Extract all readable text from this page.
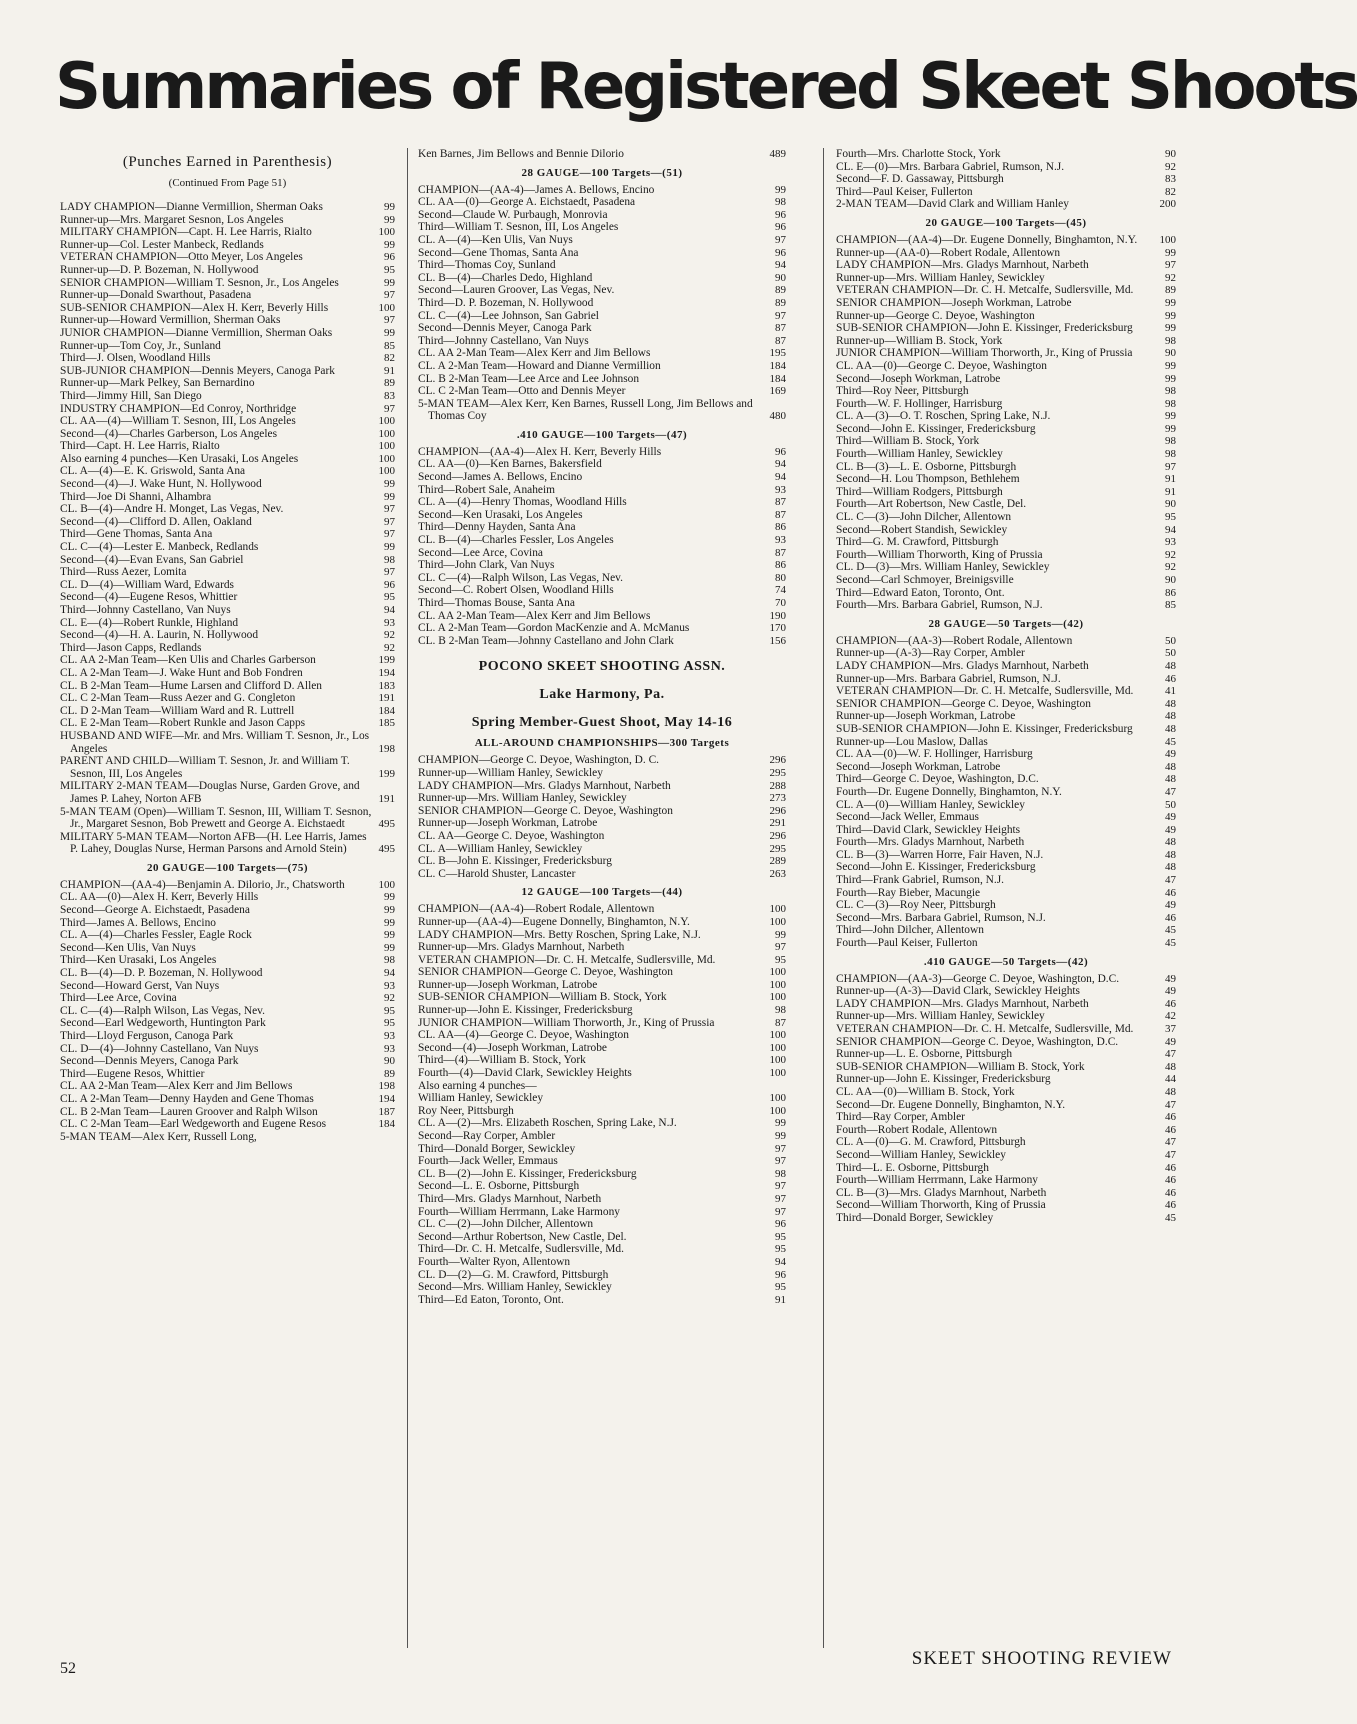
Summaries of Registered Skeet Shoots
(Punches Earned in Parenthesis)
(Continued From Page 51)
LADY CHAMPION—Dianne Vermillion, Sherman Oaks	99
Runner-up—Mrs. Margaret Sesnon, Los Angeles	99
MILITARY CHAMPION—Capt. H. Lee Harris, Rialto	100
Runner-up—Col. Lester Manbeck, Redlands	99
VETERAN CHAMPION—Otto Meyer, Los Angeles	96
Runner-up—D. P. Bozeman, N. Hollywood	95
SENIOR CHAMPION—William T. Sesnon, Jr., Los Angeles	99
Runner-up—Donald Swarthout, Pasadena	97
SUB-SENIOR CHAMPION—Alex H. Kerr, Beverly Hills	100
Runner-up—Howard Vermillion, Sherman Oaks	97
JUNIOR CHAMPION—Dianne Vermillion, Sherman Oaks	99
Runner-up—Tom Coy, Jr., Sunland	85
Third—J. Olsen, Woodland Hills	82
SUB-JUNIOR CHAMPION—Dennis Meyers, Canoga Park	91
Runner-up—Mark Pelkey, San Bernardino	89
Third—Jimmy Hill, San Diego	83
INDUSTRY CHAMPION—Ed Conroy, Northridge	97
CL. AA—(4)—William T. Sesnon, III, Los Angeles	100
Second—(4)—Charles Garberson, Los Angeles	100
Third—Capt. H. Lee Harris, Rialto	100
Also earning 4 punches—Ken Urasaki, Los Angeles	100
CL. A—(4)—E. K. Griswold, Santa Ana	100
Second—(4)—J. Wake Hunt, N. Hollywood	99
Third—Joe Di Shanni, Alhambra	99
CL. B—(4)—Andre H. Monget, Las Vegas, Nev.	97
Second—(4)—Clifford D. Allen, Oakland	97
Third—Gene Thomas, Santa Ana	97
CL. C—(4)—Lester E. Manbeck, Redlands	99
Second—(4)—Evan Evans, San Gabriel	98
Third—Russ Aezer, Lomita	97
CL. D—(4)—William Ward, Edwards	96
Second—(4)—Eugene Resos, Whittier	95
Third—Johnny Castellano, Van Nuys	94
CL. E—(4)—Robert Runkle, Highland	93
Second—(4)—H. A. Laurin, N. Hollywood	92
Third—Jason Capps, Redlands	92
CL. AA 2-Man Team—Ken Ulis and Charles Garberson	199
CL. A 2-Man Team—J. Wake Hunt and Bob Fondren	194
CL. B 2-Man Team—Hume Larsen and Clifford D. Allen	183
CL. C 2-Man Team—Russ Aezer and G. Congleton	191
CL. D 2-Man Team—William Ward and R. Luttrell	184
CL. E 2-Man Team—Robert Runkle and Jason Capps	185
HUSBAND AND WIFE—Mr. and Mrs. William T. Sesnon, Jr., Los Angeles	198
PARENT AND CHILD—William T. Sesnon, Jr. and William T. Sesnon, III, Los Angeles	199
MILITARY 2-MAN TEAM—Douglas Nurse, Garden Grove, and James P. Lahey, Norton AFB	191
5-MAN TEAM (Open)—William T. Sesnon, III, William T. Sesnon, Jr., Margaret Sesnon, Bob Prewett and George A. Eichstaedt	495
MILITARY 5-MAN TEAM—Norton AFB—(H. Lee Harris, James P. Lahey, Douglas Nurse, Herman Parsons and Arnold Stein)	495
20 GAUGE—100 Targets—(75)
CHAMPION—(AA-4)—Benjamin A. Dilorio, Jr., Chatsworth	100
CL. AA—(0)—Alex H. Kerr, Beverly Hills	99
Second—George A. Eichstaedt, Pasadena	99
Third—James A. Bellows, Encino	99
CL. A—(4)—Charles Fessler, Eagle Rock	99
Second—Ken Ulis, Van Nuys	99
Third—Ken Urasaki, Los Angeles	98
CL. B—(4)—D. P. Bozeman, N. Hollywood	94
Second—Howard Gerst, Van Nuys	93
Third—Lee Arce, Covina	92
CL. C—(4)—Ralph Wilson, Las Vegas, Nev.	95
Second—Earl Wedgeworth, Huntington Park	95
Third—Lloyd Ferguson, Canoga Park	93
CL. D—(4)—Johnny Castellano, Van Nuys	93
Second—Dennis Meyers, Canoga Park	90
Third—Eugene Resos, Whittier	89
CL. AA 2-Man Team—Alex Kerr and Jim Bellows	198
CL. A 2-Man Team—Denny Hayden and Gene Thomas	194
CL. B 2-Man Team—Lauren Groover and Ralph Wilson	187
CL. C 2-Man Team—Earl Wedgeworth and Eugene Resos	184
5-MAN TEAM—Alex Kerr, Russell Long,
Ken Barnes, Jim Bellows and Bennie Dilorio	489
28 GAUGE—100 Targets—(51)
CHAMPION—(AA-4)—James A. Bellows, Encino	99
CL. AA—(0)—George A. Eichstaedt, Pasadena	98
Second—Claude W. Purbaugh, Monrovia	96
Third—William T. Sesnon, III, Los Angeles	96
CL. A—(4)—Ken Ulis, Van Nuys	97
Second—Gene Thomas, Santa Ana	96
Third—Thomas Coy, Sunland	94
CL. B—(4)—Charles Dedo, Highland	90
Second—Lauren Groover, Las Vegas, Nev.	89
Third—D. P. Bozeman, N. Hollywood	89
CL. C—(4)—Lee Johnson, San Gabriel	97
Second—Dennis Meyer, Canoga Park	87
Third—Johnny Castellano, Van Nuys	87
CL. AA 2-Man Team—Alex Kerr and Jim Bellows	195
CL. A 2-Man Team—Howard and Dianne Vermillion	184
CL. B 2-Man Team—Lee Arce and Lee Johnson	184
CL. C 2-Man Team—Otto and Dennis Meyer	169
5-MAN TEAM—Alex Kerr, Ken Barnes, Russell Long, Jim Bellows and Thomas Coy	480
.410 GAUGE—100 Targets—(47)
CHAMPION—(AA-4)—Alex H. Kerr, Beverly Hills	96
CL. AA—(0)—Ken Barnes, Bakersfield	94
Second—James A. Bellows, Encino	94
Third—Robert Sale, Anaheim	93
CL. A—(4)—Henry Thomas, Woodland Hills	87
Second—Ken Urasaki, Los Angeles	87
Third—Denny Hayden, Santa Ana	86
CL. B—(4)—Charles Fessler, Los Angeles	93
Second—Lee Arce, Covina	87
Third—John Clark, Van Nuys	86
CL. C—(4)—Ralph Wilson, Las Vegas, Nev.	80
Second—C. Robert Olsen, Woodland Hills	74
Third—Thomas Bouse, Santa Ana	70
CL. AA 2-Man Team—Alex Kerr and Jim Bellows	190
CL. A 2-Man Team—Gordon MacKenzie and A. McManus	170
CL. B 2-Man Team—Johnny Castellano and John Clark	156
POCONO SKEET SHOOTING ASSN.
Lake Harmony, Pa.
Spring Member-Guest Shoot, May 14-16
ALL-AROUND CHAMPIONSHIPS—300 Targets
CHAMPION—George C. Deyoe, Washington, D. C.	296
Runner-up—William Hanley, Sewickley	295
LADY CHAMPION—Mrs. Gladys Marnhout, Narbeth	288
Runner-up—Mrs. William Hanley, Sewickley	273
SENIOR CHAMPION—George C. Deyoe, Washington	296
Runner-up—Joseph Workman, Latrobe	291
CL. AA—George C. Deyoe, Washington	296
CL. A—William Hanley, Sewickley	295
CL. B—John E. Kissinger, Fredericksburg	289
CL. C—Harold Shuster, Lancaster	263
12 GAUGE—100 Targets—(44)
CHAMPION—(AA-4)—Robert Rodale, Allentown	100
Runner-up—(AA-4)—Eugene Donnelly, Binghamton, N.Y.	100
LADY CHAMPION—Mrs. Betty Roschen, Spring Lake, N.J.	99
Runner-up—Mrs. Gladys Marnhout, Narbeth	97
VETERAN CHAMPION—Dr. C. H. Metcalfe, Sudlersville, Md.	95
SENIOR CHAMPION—George C. Deyoe, Washington	100
Runner-up—Joseph Workman, Latrobe	100
SUB-SENIOR CHAMPION—William B. Stock, York	100
Runner-up—John E. Kissinger, Fredericksburg	98
JUNIOR CHAMPION—William Thorworth, Jr., King of Prussia	87
CL. AA—(4)—George C. Deyoe, Washington	100
Second—(4)—Joseph Workman, Latrobe	100
Third—(4)—William B. Stock, York	100
Fourth—(4)—David Clark, Sewickley Heights	100
Also earning 4 punches—
William Hanley, Sewickley	100
Roy Neer, Pittsburgh	100
CL. A—(2)—Mrs. Elizabeth Roschen, Spring Lake, N.J.	99
Second—Ray Corper, Ambler	99
Third—Donald Borger, Sewickley	97
Fourth—Jack Weller, Emmaus	97
CL. B—(2)—John E. Kissinger, Fredericksburg	98
Second—L. E. Osborne, Pittsburgh	97
Third—Mrs. Gladys Marnhout, Narbeth	97
Fourth—William Herrmann, Lake Harmony	97
CL. C—(2)—John Dilcher, Allentown	96
Second—Arthur Robertson, New Castle, Del.	95
Third—Dr. C. H. Metcalfe, Sudlersville, Md.	95
Fourth—Walter Ryon, Allentown	94
CL. D—(2)—G. M. Crawford, Pittsburgh	96
Second—Mrs. William Hanley, Sewickley	95
Third—Ed Eaton, Toronto, Ont.	91
Fourth—Mrs. Charlotte Stock, York	90
CL. E—(0)—Mrs. Barbara Gabriel, Rumson, N.J.	92
Second—F. D. Gassaway, Pittsburgh	83
Third—Paul Keiser, Fullerton	82
2-MAN TEAM—David Clark and William Hanley	200
20 GAUGE—100 Targets—(45)
CHAMPION—(AA-4)—Dr. Eugene Donnelly, Binghamton, N.Y.	100
Runner-up—(AA-0)—Robert Rodale, Allentown	99
LADY CHAMPION—Mrs. Gladys Marnhout, Narbeth	97
Runner-up—Mrs. William Hanley, Sewickley	92
VETERAN CHAMPION—Dr. C. H. Metcalfe, Sudlersville, Md.	89
SENIOR CHAMPION—Joseph Workman, Latrobe	99
Runner-up—George C. Deyoe, Washington	99
SUB-SENIOR CHAMPION—John E. Kissinger, Fredericksburg	99
Runner-up—William B. Stock, York	98
JUNIOR CHAMPION—William Thorworth, Jr., King of Prussia	90
CL. AA—(0)—George C. Deyoe, Washington	99
Second—Joseph Workman, Latrobe	99
Third—Roy Neer, Pittsburgh	98
Fourth—W. F. Hollinger, Harrisburg	98
CL. A—(3)—O. T. Roschen, Spring Lake, N.J.	99
Second—John E. Kissinger, Fredericksburg	99
Third—William B. Stock, York	98
Fourth—William Hanley, Sewickley	98
CL. B—(3)—L. E. Osborne, Pittsburgh	97
Second—H. Lou Thompson, Bethlehem	91
Third—William Rodgers, Pittsburgh	91
Fourth—Art Robertson, New Castle, Del.	90
CL. C—(3)—John Dilcher, Allentown	95
Second—Robert Standish, Sewickley	94
Third—G. M. Crawford, Pittsburgh	93
Fourth—William Thorworth, King of Prussia	92
CL. D—(3)—Mrs. William Hanley, Sewickley	92
Second—Carl Schmoyer, Breinigsville	90
Third—Edward Eaton, Toronto, Ont.	86
Fourth—Mrs. Barbara Gabriel, Rumson, N.J.	85
28 GAUGE—50 Targets—(42)
CHAMPION—(AA-3)—Robert Rodale, Allentown	50
Runner-up—(A-3)—Ray Corper, Ambler	50
LADY CHAMPION—Mrs. Gladys Marnhout, Narbeth	48
Runner-up—Mrs. Barbara Gabriel, Rumson, N.J.	46
VETERAN CHAMPION—Dr. C. H. Metcalfe, Sudlersville, Md.	41
SENIOR CHAMPION—George C. Deyoe, Washington	48
Runner-up—Joseph Workman, Latrobe	48
SUB-SENIOR CHAMPION—John E. Kissinger, Fredericksburg	48
Runner-up—Lou Maslow, Dallas	45
CL. AA—(0)—W. F. Hollinger, Harrisburg	49
Second—Joseph Workman, Latrobe	48
Third—George C. Deyoe, Washington, D.C.	48
Fourth—Dr. Eugene Donnelly, Binghamton, N.Y.	47
CL. A—(0)—William Hanley, Sewickley	50
Second—Jack Weller, Emmaus	49
Third—David Clark, Sewickley Heights	49
Fourth—Mrs. Gladys Marnhout, Narbeth	48
CL. B—(3)—Warren Horre, Fair Haven, N.J.	48
Second—John E. Kissinger, Fredericksburg	48
Third—Frank Gabriel, Rumson, N.J.	47
Fourth—Ray Bieber, Macungie	46
CL. C—(3)—Roy Neer, Pittsburgh	49
Second—Mrs. Barbara Gabriel, Rumson, N.J.	46
Third—John Dilcher, Allentown	45
Fourth—Paul Keiser, Fullerton	45
.410 GAUGE—50 Targets—(42)
CHAMPION—(AA-3)—George C. Deyoe, Washington, D.C.	49
Runner-up—(A-3)—David Clark, Sewickley Heights	49
LADY CHAMPION—Mrs. Gladys Marnhout, Narbeth	46
Runner-up—Mrs. William Hanley, Sewickley	42
VETERAN CHAMPION—Dr. C. H. Metcalfe, Sudlersville, Md.	37
SENIOR CHAMPION—George C. Deyoe, Washington, D.C.	49
Runner-up—L. E. Osborne, Pittsburgh	47
SUB-SENIOR CHAMPION—William B. Stock, York	48
Runner-up—John E. Kissinger, Fredericksburg	44
CL. AA—(0)—William B. Stock, York	48
Second—Dr. Eugene Donnelly, Binghamton, N.Y.	47
Third—Ray Corper, Ambler	46
Fourth—Robert Rodale, Allentown	46
CL. A—(0)—G. M. Crawford, Pittsburgh	47
Second—William Hanley, Sewickley	47
Third—L. E. Osborne, Pittsburgh	46
Fourth—William Herrmann, Lake Harmony	46
CL. B—(3)—Mrs. Gladys Marnhout, Narbeth	46
Second—William Thorworth, King of Prussia	46
Third—Donald Borger, Sewickley	45
52	SKEET SHOOTING REVIEW
